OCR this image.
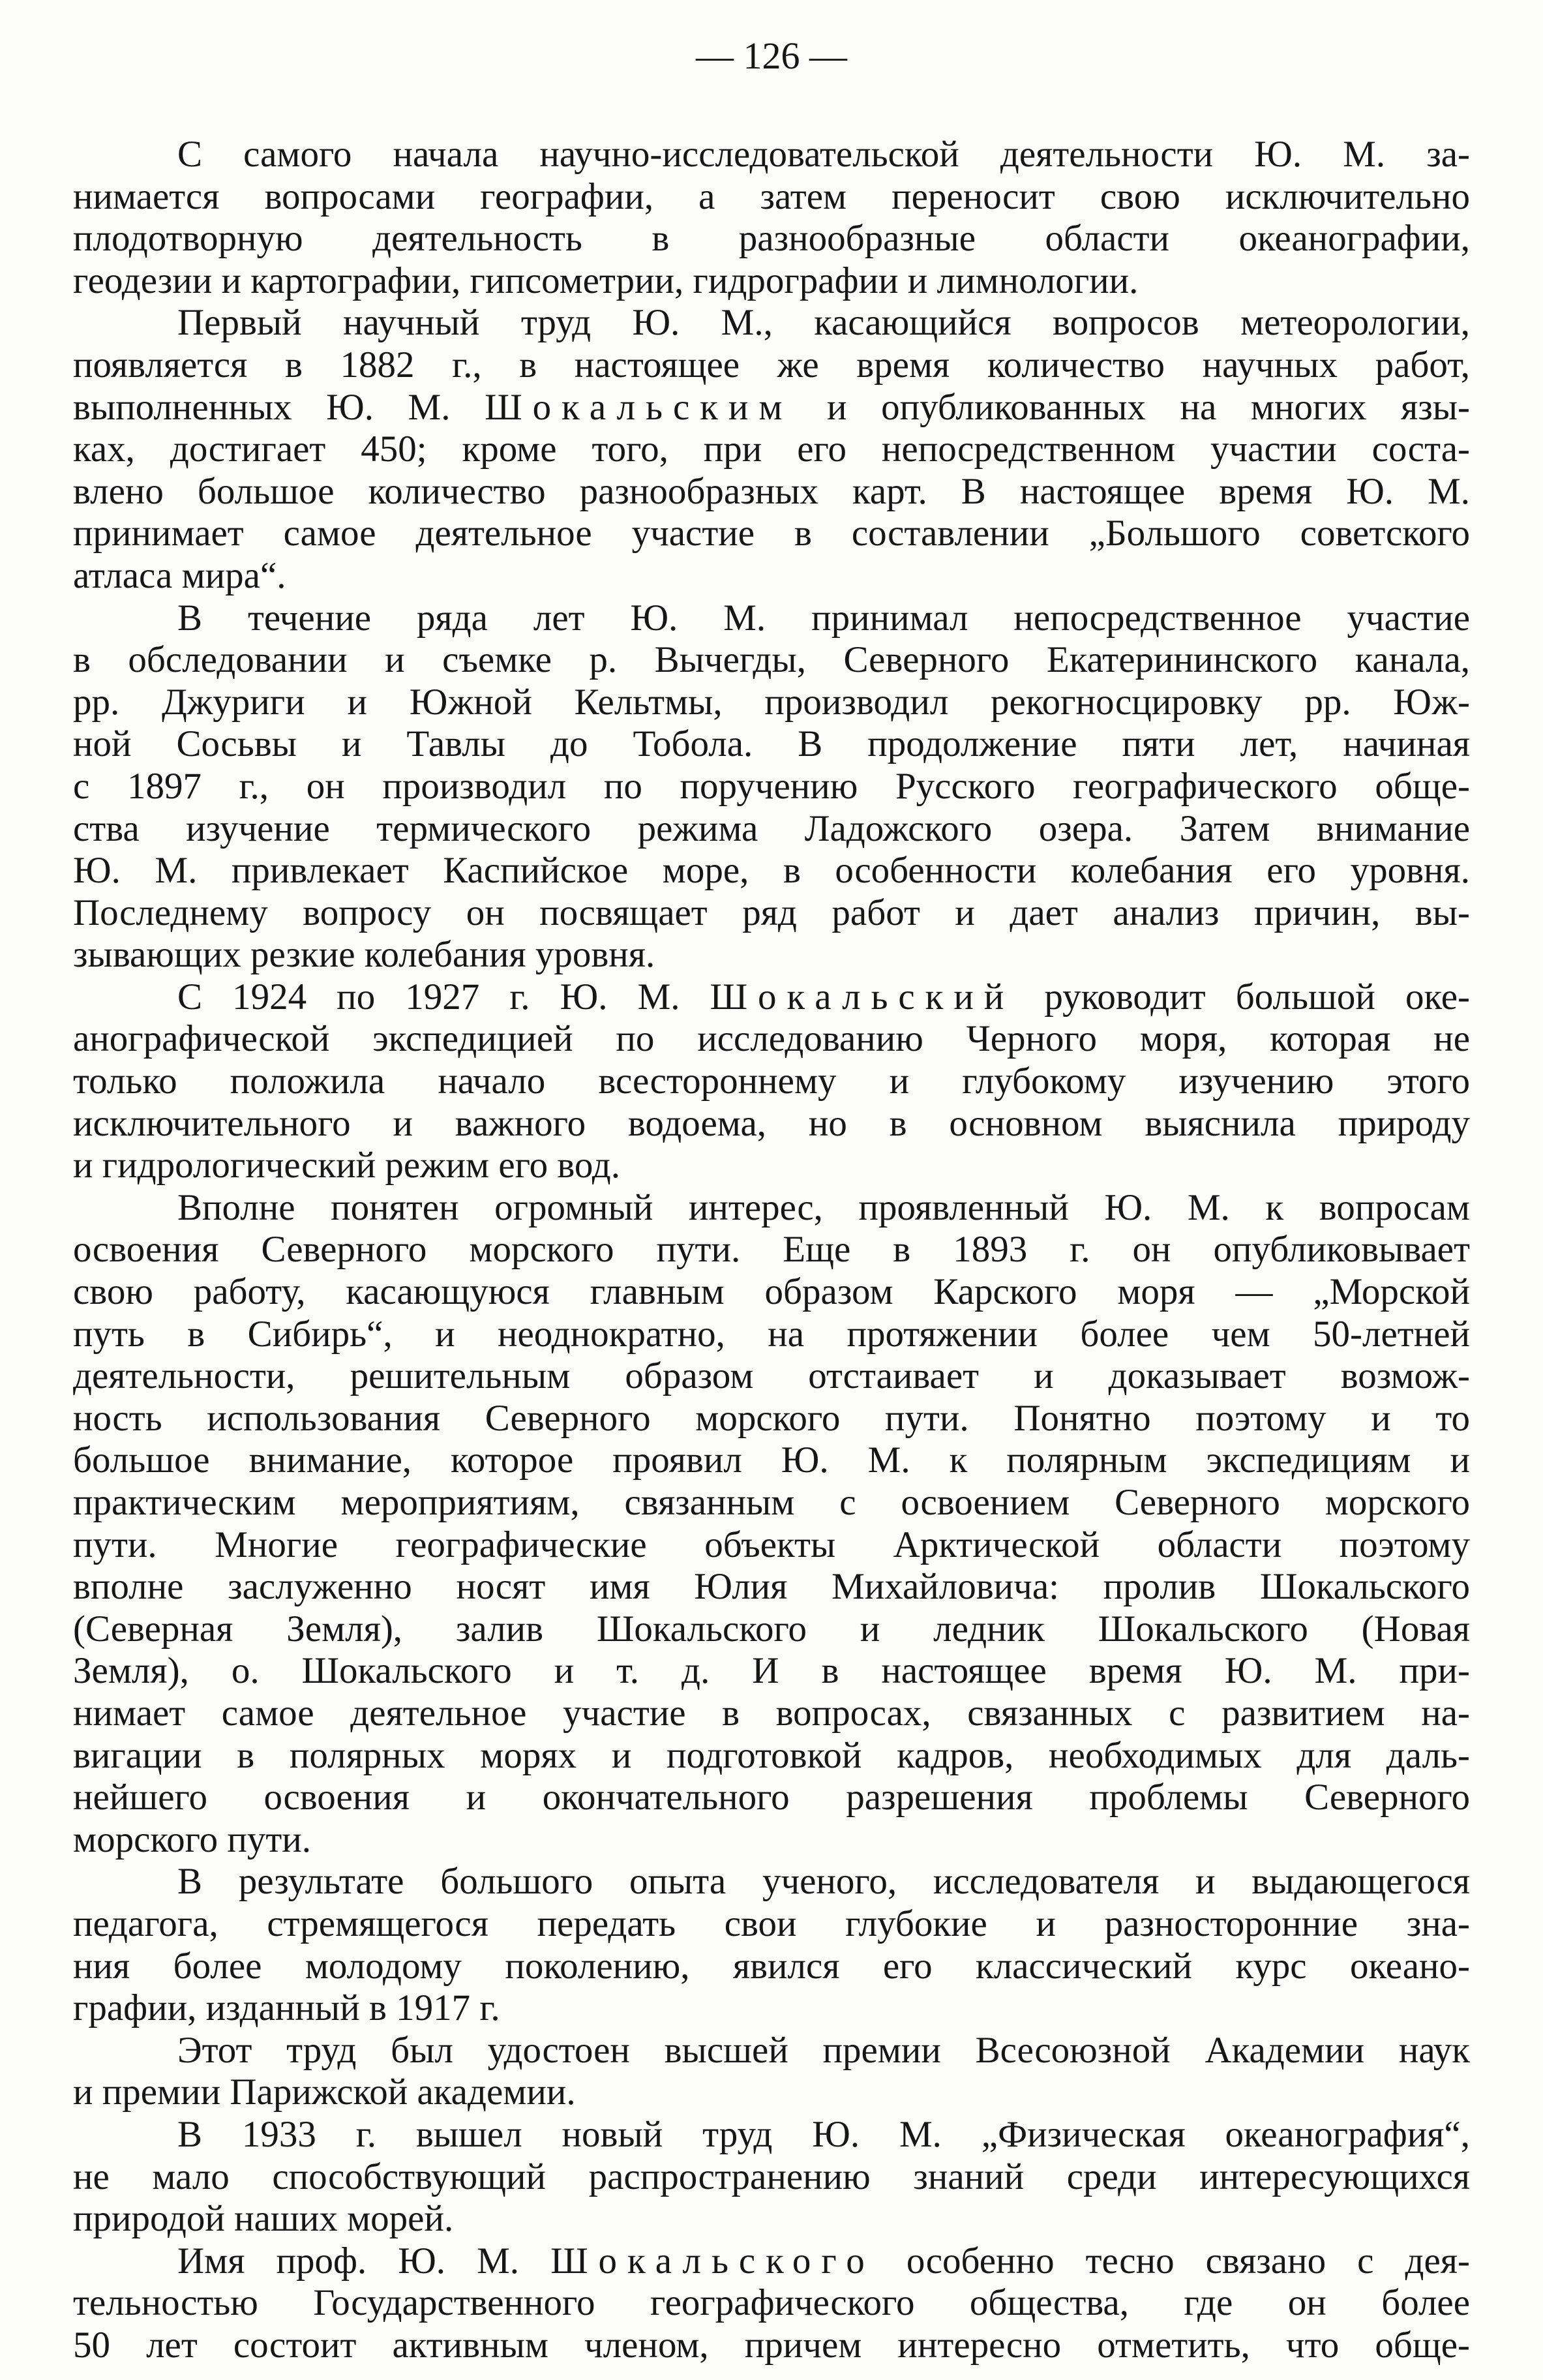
— 126 —
С самого начала научно-исследовательской деятельности Ю. М. за-
нимается вопросами географии, а затем переносит свою исключительно
плодотворную деятельность в разнообразные области океанографии,
геодезии и картографии, гипсометрии, гидрографии и лимнологии.
Первый научный труд Ю. М., касающийся вопросов метеорологии,
появляется в 1882 г., в настоящее же время количество научных работ,
выполненных Ю. М. Шокальским и опубликованных на многих язы-
ках, достигает 450; кроме того, при его непосредственном участии соста-
влено большое количество разнообразных карт. В настоящее время Ю. М.
принимает самое деятельное участие в составлении „Большого советского
атласа мира“.
В течение ряда лет Ю. М. принимал непосредственное участие
в обследовании и съемке р. Вычегды, Северного Екатерининского канала,
рр. Джуриги и Южной Кельтмы, производил рекогносцировку рр. Юж-
ной Сосьвы и Тавлы до Тобола. В продолжение пяти лет, начиная
с 1897 г., он производил по поручению Русского географического обще-
ства изучение термического режима Ладожского озера. Затем внимание
Ю. М. привлекает Каспийское море, в особенности колебания его уровня.
Последнему вопросу он посвящает ряд работ и дает анализ причин, вы-
зывающих резкие колебания уровня.
С 1924 по 1927 г. Ю. М. Шокальский руководит большой оке-
анографической экспедицией по исследованию Черного моря, которая не
только положила начало всестороннему и глубокому изучению этого
исключительного и важного водоема, но в основном выяснила природу
и гидрологический режим его вод.
Вполне понятен огромный интерес, проявленный Ю. М. к вопросам
освоения Северного морского пути. Еще в 1893 г. он опубликовывает
свою работу, касающуюся главным образом Карского моря — „Морской
путь в Сибирь“, и неоднократно, на протяжении более чем 50-летней
деятельности, решительным образом отстаивает и доказывает возмож-
ность использования Северного морского пути. Понятно поэтому и то
большое внимание, которое проявил Ю. М. к полярным экспедициям и
практическим мероприятиям, связанным с освоением Северного морского
пути. Многие географические объекты Арктической области поэтому
вполне заслуженно носят имя Юлия Михайловича: пролив Шокальского
(Северная Земля), залив Шокальского и ледник Шокальского (Новая
Земля), о. Шокальского и т. д. И в настоящее время Ю. М. при-
нимает самое деятельное участие в вопросах, связанных с развитием на-
вигации в полярных морях и подготовкой кадров, необходимых для даль-
нейшего освоения и окончательного разрешения проблемы Северного
морского пути.
В результате большого опыта ученого, исследователя и выдающегося
педагога, стремящегося передать свои глубокие и разносторонние зна-
ния более молодому поколению, явился его классический курс океано-
графии, изданный в 1917 г.
Этот труд был удостоен высшей премии Всесоюзной Академии наук
и премии Парижской академии.
В 1933 г. вышел новый труд Ю. М. „Физическая океанография“,
не мало способствующий распространению знаний среди интересующихся
природой наших морей.
Имя проф. Ю. М. Шокальского особенно тесно связано с дея-
тельностью Государственного географического общества, где он более
50 лет состоит активным членом, причем интересно отметить, что обще-
